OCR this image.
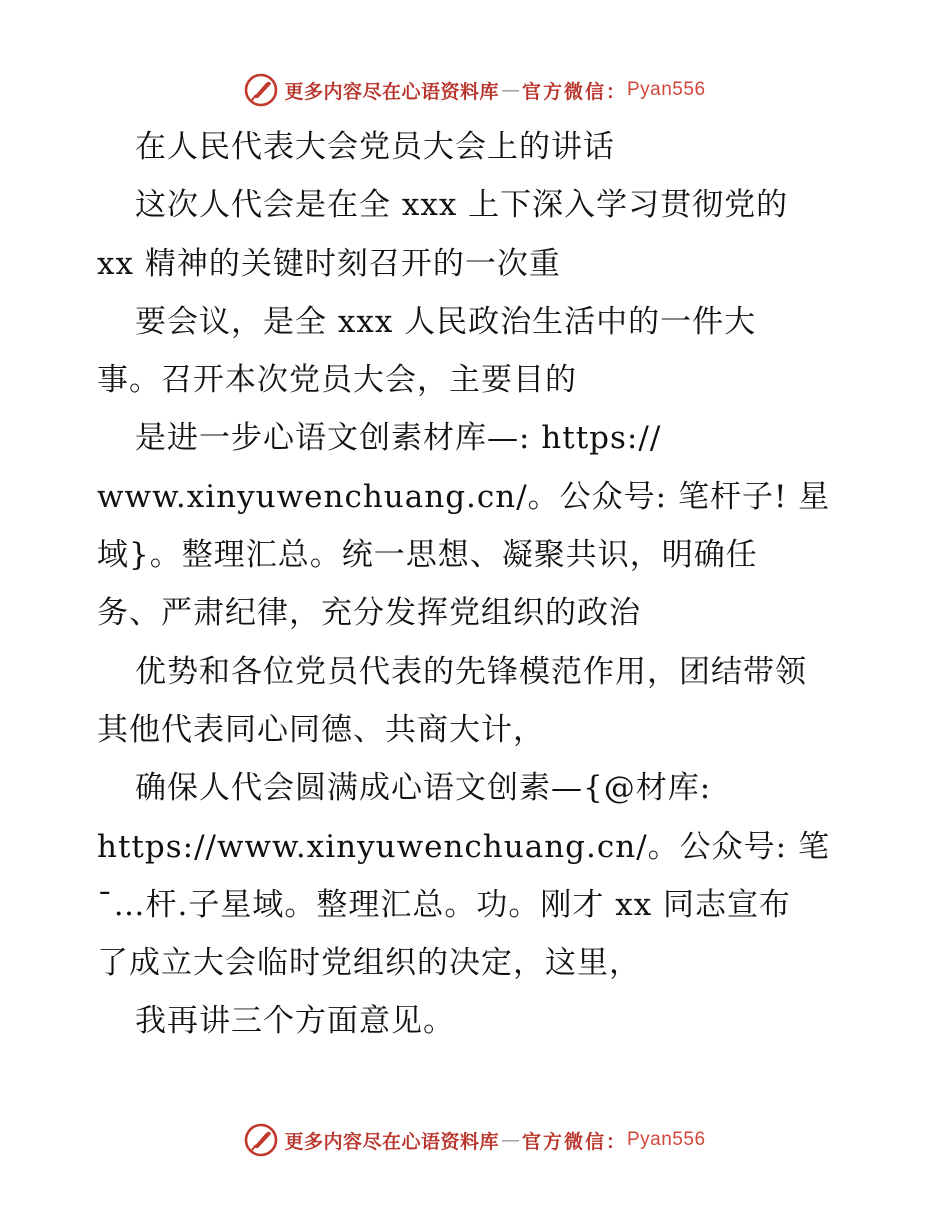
更多内容尽在心语资料库 — 官方微信： Pyan556
在人民代表大会党员大会上的讲话
这次人代会是在全 xxx 上下深入学习贯彻党的
xx 精神的关键时刻召开的一次重
要会议，是全 xxx 人民政治生活中的一件大
事。召开本次党员大会，主要目的
是进一步心语文创素材库—: https://
www.xinyuwenchuang.cn/。公众号: 笔杆子! 星
域}。整理汇总。统一思想、凝聚共识，明确任
务、严肃纪律，充分发挥党组织的政治
优势和各位党员代表的先锋模范作用，团结带领
其他代表同心同德、共商大计，
确保人代会圆满成心语文创素—{@材库:
https://www.xinyuwenchuang.cn/。公众号: 笔
¯…杆.子星域。整理汇总。功。刚才 xx 同志宣布
了成立大会临时党组织的决定，这里，
我再讲三个方面意见。
更多内容尽在心语资料库 — 官方微信： Pyan556
